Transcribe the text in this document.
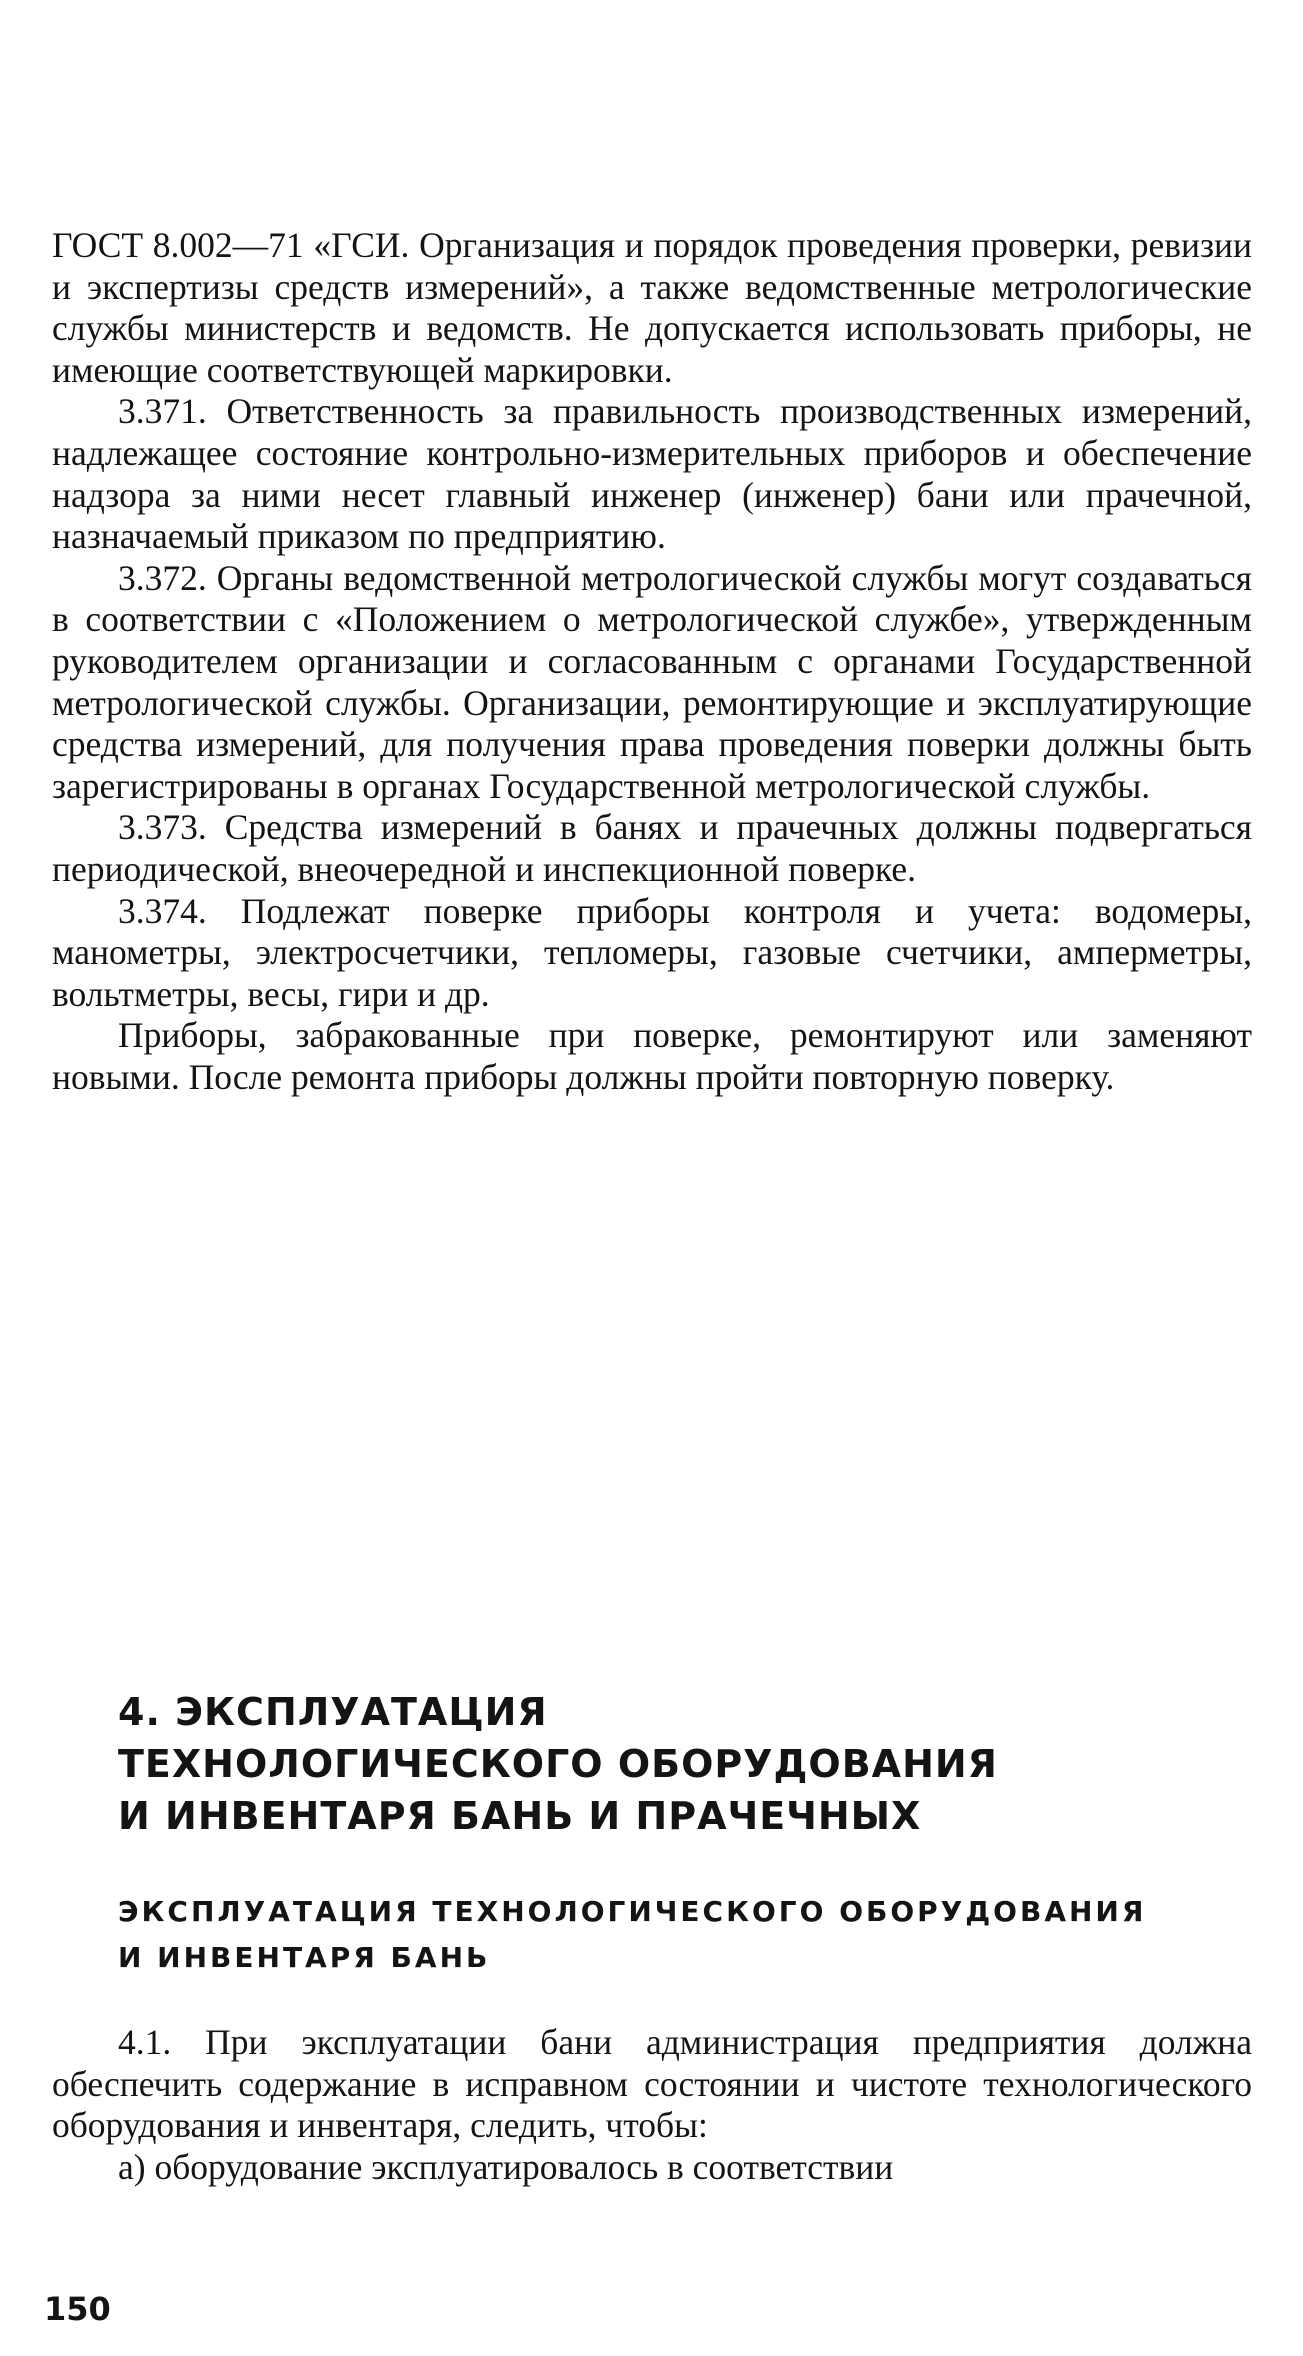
ГОСТ 8.002—71 «ГСИ. Организация и порядок проведения проверки, ревизии и экспертизы средств измерений», а также ведомственные метрологические службы министерств и ведомств. Не допускается использовать приборы, не имеющие соответствующей маркировки.

3.371. Ответственность за правильность производственных измерений, надлежащее состояние контрольно-измерительных приборов и обеспечение надзора за ними несет главный инженер (инженер) бани или прачечной, назначаемый приказом по предприятию.

3.372. Органы ведомственной метрологической службы могут создаваться в соответствии с «Положением о метрологической службе», утвержденным руководителем организации и согласованным с органами Государственной метрологической службы. Организации, ремонтирующие и эксплуатирующие средства измерений, для получения права проведения поверки должны быть зарегистрированы в органах Государственной метрологической службы.

3.373. Средства измерений в банях и прачечных должны подвергаться периодической, внеочередной и инспекционной поверке.

3.374. Подлежат поверке приборы контроля и учета: водомеры, манометры, электросчетчики, тепломеры, газовые счетчики, амперметры, вольтметры, весы, гири и др.

Приборы, забракованные при поверке, ремонтируют или заменяют новыми. После ремонта приборы должны пройти повторную поверку.

4. ЭКСПЛУАТАЦИЯ
ТЕХНОЛОГИЧЕСКОГО ОБОРУДОВАНИЯ
И ИНВЕНТАРЯ БАНЬ И ПРАЧЕЧНЫХ
ЭКСПЛУАТАЦИЯ ТЕХНОЛОГИЧЕСКОГО ОБОРУДОВАНИЯ
И ИНВЕНТАРЯ БАНЬ

4.1. При эксплуатации бани администрация предприятия должна обеспечить содержание в исправном состоянии и чистоте технологического оборудования и инвентаря, следить, чтобы:

а) оборудование эксплуатировалось в соответствии

150
